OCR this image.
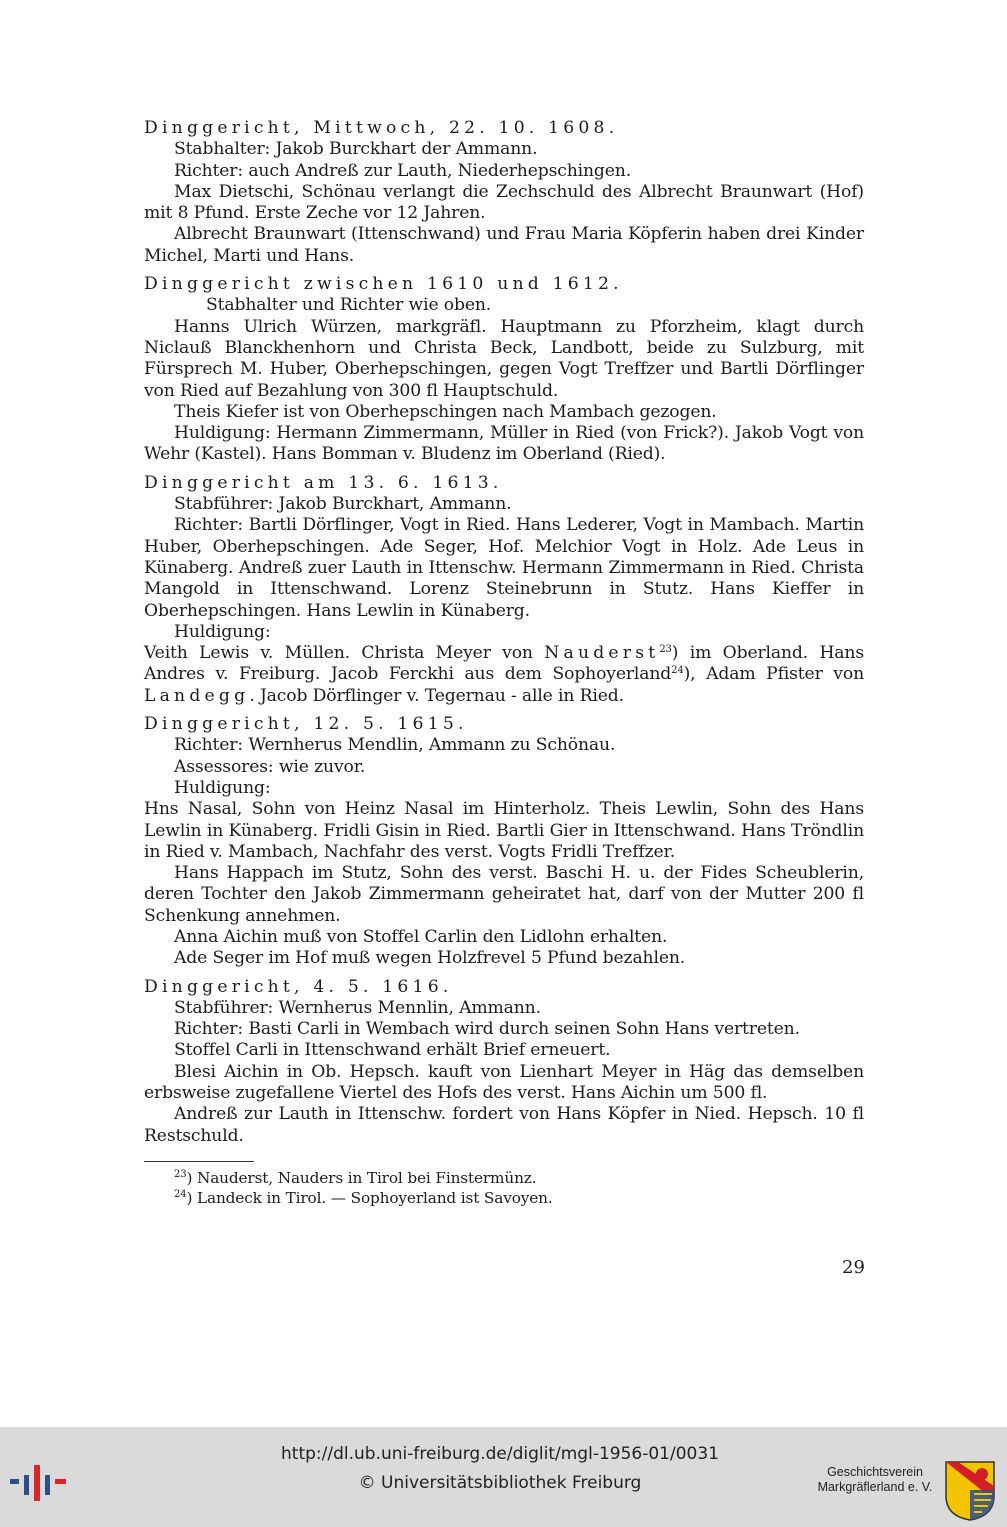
Dinggericht, Mittwoch, 22. 10. 1608.
Stabhalter: Jakob Burckhart der Ammann.
Richter: auch Andreß zur Lauth, Niederhepschingen.
Max Dietschi, Schönau verlangt die Zechschuld des Albrecht Braunwart (Hof) mit 8 Pfund. Erste Zeche vor 12 Jahren.
Albrecht Braunwart (Ittenschwand) und Frau Maria Köpferin haben drei Kinder Michel, Marti und Hans.
Dinggericht zwischen 1610 und 1612.
Stabhalter und Richter wie oben.
Hanns Ulrich Würzen, markgräfl. Hauptmann zu Pforzheim, klagt durch Niclauß Blanckhenhorn und Christa Beck, Landbott, beide zu Sulzburg, mit Fürsprech M. Huber, Oberhepschingen, gegen Vogt Treffzer und Bartli Dörflinger von Ried auf Bezahlung von 300 fl Hauptschuld.
Theis Kiefer ist von Oberhepschingen nach Mambach gezogen.
Huldigung: Hermann Zimmermann, Müller in Ried (von Frick?). Jakob Vogt von Wehr (Kastel). Hans Bomman v. Bludenz im Oberland (Ried).
Dinggericht am 13. 6. 1613.
Stabführer: Jakob Burckhart, Ammann.
Richter: Bartli Dörflinger, Vogt in Ried. Hans Lederer, Vogt in Mambach. Martin Huber, Oberhepschingen. Ade Seger, Hof. Melchior Vogt in Holz. Ade Leus in Künaberg. Andreß zuer Lauth in Ittenschw. Hermann Zimmermann in Ried. Christa Mangold in Ittenschwand. Lorenz Steinebrunn in Stutz. Hans Kieffer in Oberhepschingen. Hans Lewlin in Künaberg.
Huldigung:
Veith Lewis v. Müllen. Christa Meyer von Nauderst$^{23}$) im Oberland. Hans Andres v. Freiburg. Jacob Ferckhi aus dem Sophoyerland$^{24}$), Adam Pfister von Landegg. Jacob Dörflinger v. Tegernau - alle in Ried.
Dinggericht, 12. 5. 1615.
Richter: Wernherus Mendlin, Ammann zu Schönau.
Assessores: wie zuvor.
Huldigung:
Hns Nasal, Sohn von Heinz Nasal im Hinterholz. Theis Lewlin, Sohn des Hans Lewlin in Künaberg. Fridli Gisin in Ried. Bartli Gier in Ittenschwand. Hans Tröndlin in Ried v. Mambach, Nachfahr des verst. Vogts Fridli Treffzer.
Hans Happach im Stutz, Sohn des verst. Baschi H. u. der Fides Scheublerin, deren Tochter den Jakob Zimmermann geheiratet hat, darf von der Mutter 200 fl Schenkung annehmen.
Anna Aichin muß von Stoffel Carlin den Lidlohn erhalten.
Ade Seger im Hof muß wegen Holzfrevel 5 Pfund bezahlen.
Dinggericht, 4. 5. 1616.
Stabführer: Wernherus Mennlin, Ammann.
Richter: Basti Carli in Wembach wird durch seinen Sohn Hans vertreten.
Stoffel Carli in Ittenschwand erhält Brief erneuert.
Blesi Aichin in Ob. Hepsch. kauft von Lienhart Meyer in Häg das demselben erbsweise zugefallene Viertel des Hofs des verst. Hans Aichin um 500 fl.
Andreß zur Lauth in Ittenschw. fordert von Hans Köpfer in Nied. Hepsch. 10 fl Restschuld.
$^{23}$) Nauderst, Nauders in Tirol bei Finstermünz.
$^{24}$) Landeck in Tirol. — Sophoyerland ist Savoyen.
29
http://dl.ub.uni-freiburg.de/diglit/mgl-1956-01/0031
© Universitätsbibliothek Freiburg
Geschichtsverein
Markgräflerland e. V.
